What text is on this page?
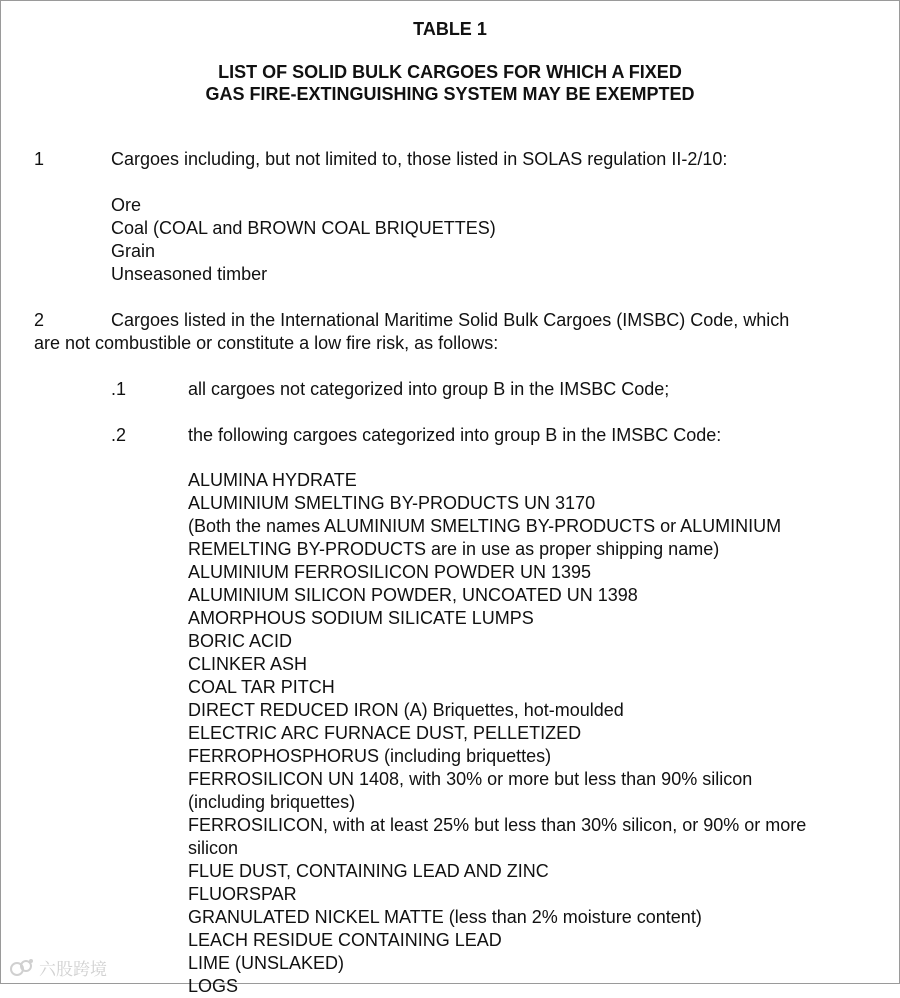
TABLE 1

LIST OF SOLID BULK CARGOES FOR WHICH A FIXED

GAS FIRE-EXTINGUISHING SYSTEM MAY BE EXEMPTED

1	Cargoes including, but not limited to, those listed in SOLAS regulation II-2/10:

Ore

Coal (COAL and BROWN COAL BRIQUETTES)

Grain

Unseasoned timber

2	Cargoes listed in the International Maritime Solid Bulk Cargoes (IMSBC) Code, which

are not combustible or constitute a low fire risk, as follows:

.1	all cargoes not categorized into group B in the IMSBC Code;

.2	the following cargoes categorized into group B in the IMSBC Code:

ALUMINA HYDRATE

ALUMINIUM SMELTING BY-PRODUCTS UN 3170

(Both the names ALUMINIUM SMELTING BY-PRODUCTS or ALUMINIUM

REMELTING BY-PRODUCTS are in use as proper shipping name)

ALUMINIUM FERROSILICON POWDER UN 1395

ALUMINIUM SILICON POWDER, UNCOATED UN 1398

AMORPHOUS SODIUM SILICATE LUMPS

BORIC ACID

CLINKER ASH

COAL TAR PITCH

DIRECT REDUCED IRON (A) Briquettes, hot-moulded

ELECTRIC ARC FURNACE DUST, PELLETIZED

FERROPHOSPHORUS (including briquettes)

FERROSILICON UN 1408, with 30% or more but less than 90% silicon

(including briquettes)

FERROSILICON, with at least 25% but less than 30% silicon, or 90% or more

silicon

FLUE DUST, CONTAINING LEAD AND ZINC

FLUORSPAR

GRANULATED NICKEL MATTE (less than 2% moisture content)

LEACH RESIDUE CONTAINING LEAD

LIME (UNSLAKED)

LOGS

六股跨境
